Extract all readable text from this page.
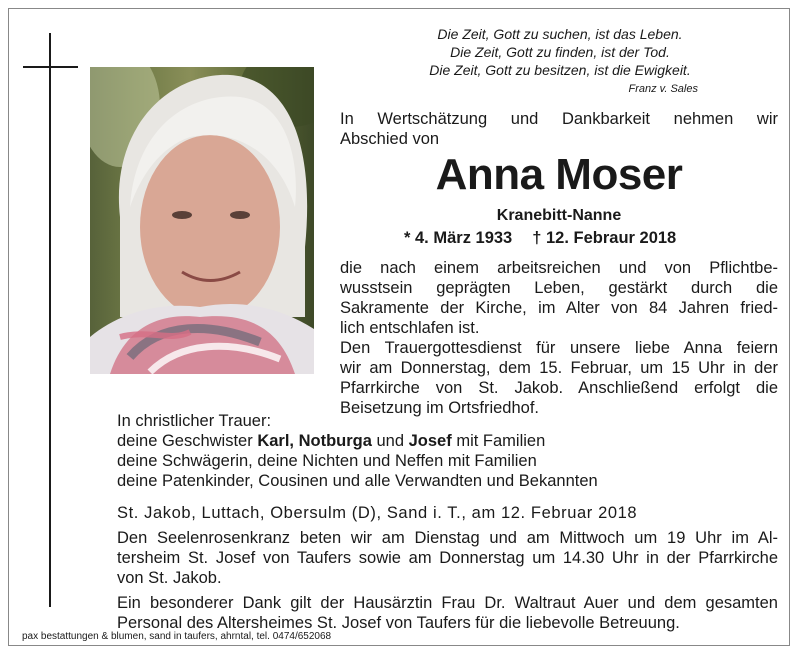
Die Zeit, Gott zu suchen, ist das Leben.
Die Zeit, Gott zu finden, ist der Tod.
Die Zeit, Gott zu besitzen, ist die Ewigkeit.
Franz v. Sales
In Wertschätzung und Dankbarkeit nehmen wir
Abschied von
Anna Moser
Kranebitt-Nanne
* 4. März 1933 † 12. Febraur 2018
die nach einem arbeitsreichen und von Pflichtbe-
wusstsein geprägten Leben, gestärkt durch die
Sakramente der Kirche, im Alter von 84 Jahren fried-
lich entschlafen ist.
Den Trauergottesdienst für unsere liebe Anna feiern
wir am Donnerstag, dem 15. Februar, um 15 Uhr in der
Pfarrkirche von St. Jakob. Anschließend erfolgt die
Beisetzung im Ortsfriedhof.
In christlicher Trauer:
deine Geschwister Karl, Notburga und Josef mit Familien
deine Schwägerin, deine Nichten und Neffen mit Familien
deine Patenkinder, Cousinen und alle Verwandten und Bekannten
St. Jakob, Luttach, Obersulm (D), Sand i. T., am 12. Februar 2018
Den Seelenrosenkranz beten wir am Dienstag und am Mittwoch um 19 Uhr im Al-
tersheim St. Josef von Taufers sowie am Donnerstag um 14.30 Uhr in der Pfarrkirche
von St. Jakob.
Ein besonderer Dank gilt der Hausärztin Frau Dr. Waltraut Auer und dem gesamten
Personal des Altersheimes St. Josef von Taufers für die liebevolle Betreuung.
pax bestattungen & blumen, sand in taufers, ahrntal, tel. 0474/652068
